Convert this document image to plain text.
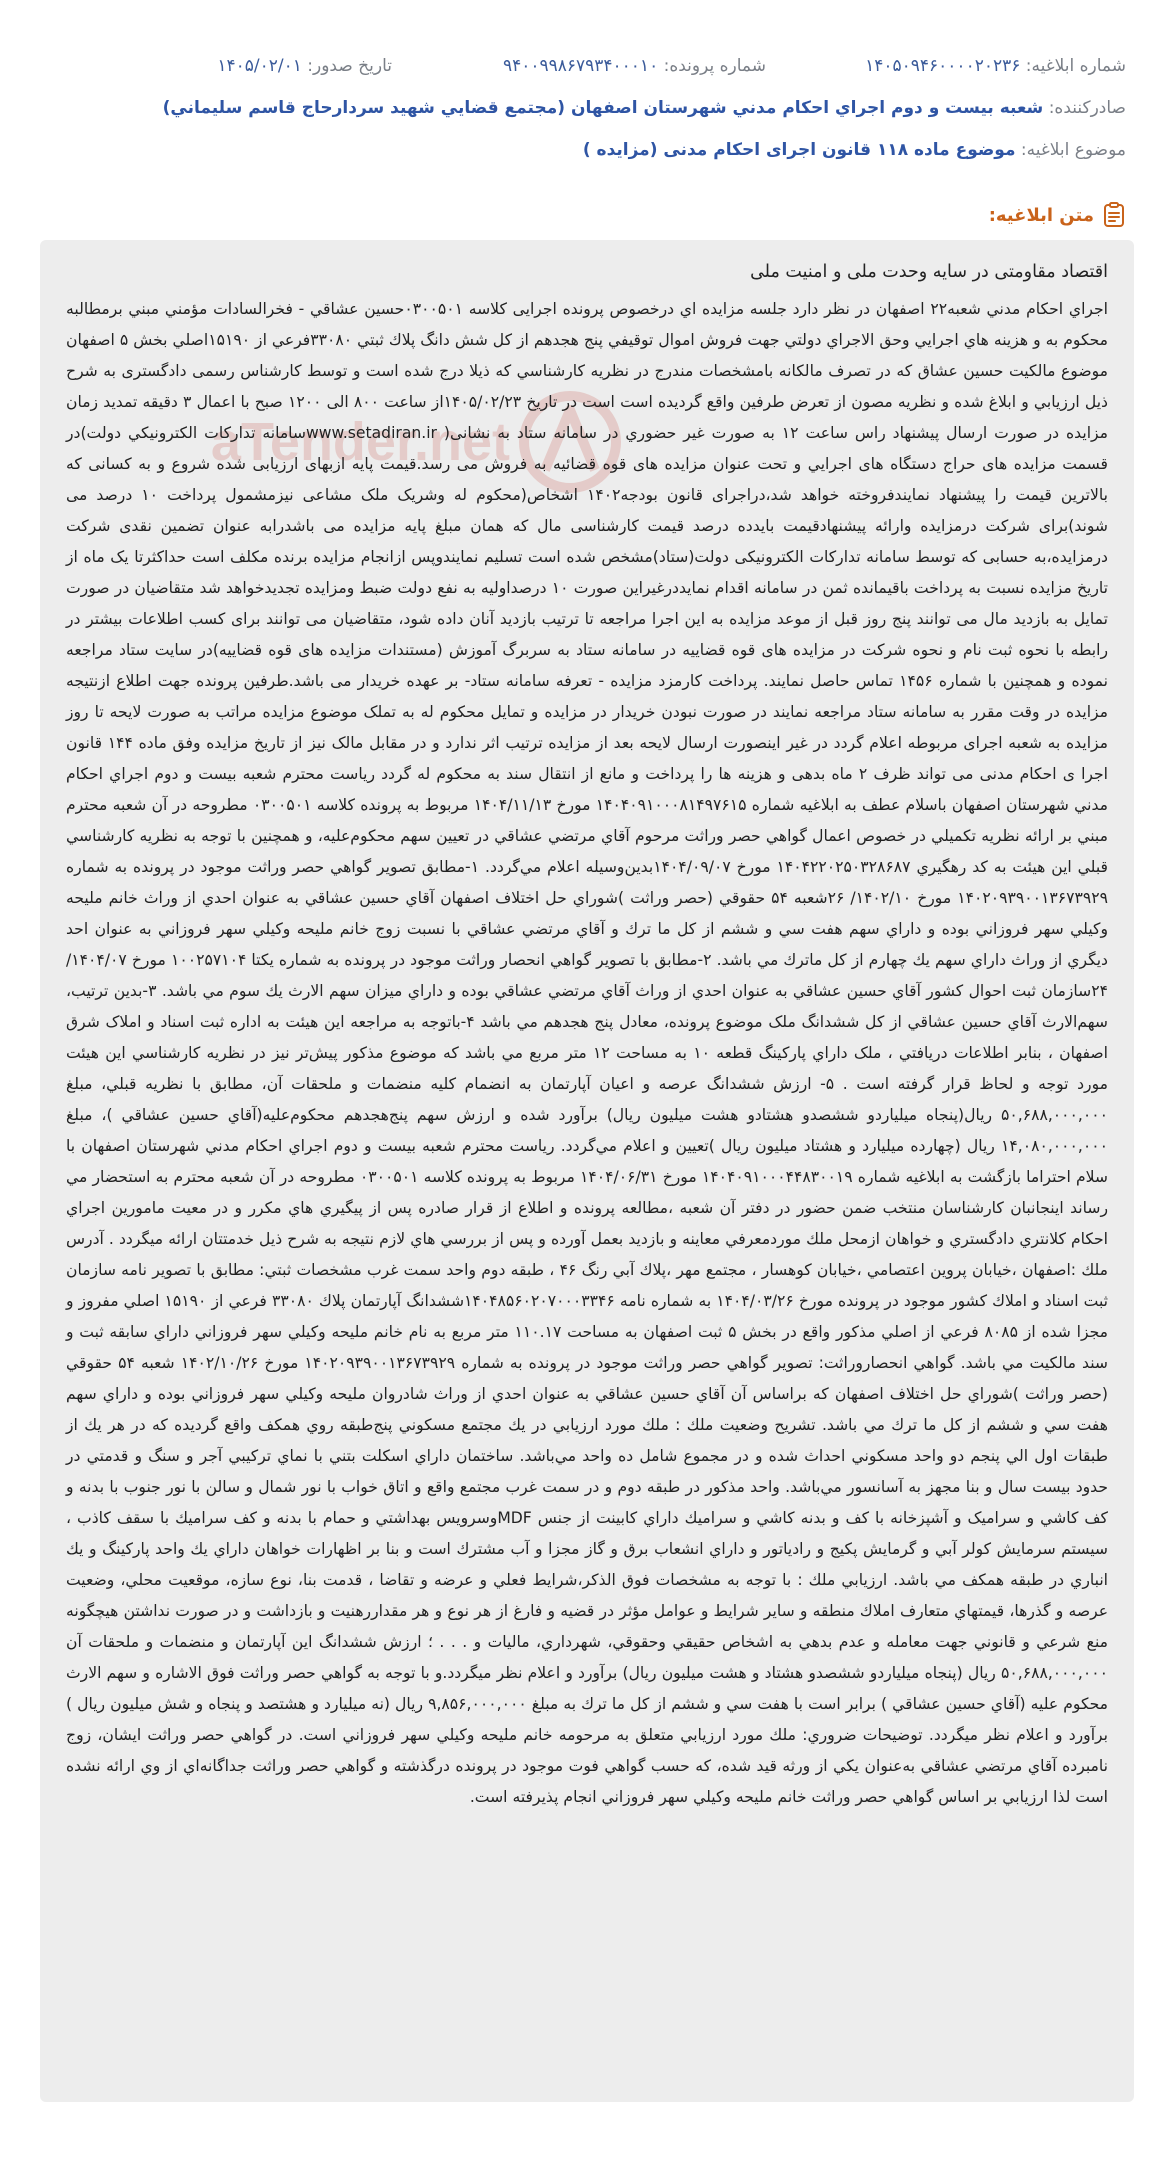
شماره ابلاغیه: ۱۴۰۵۰۹۴۶۰۰۰۰۲۰۲۳۶
شماره پرونده: ۹۴۰۰۹۹۸۶۷۹۳۴۰۰۰۱۰
تاریخ صدور: ۱۴۰۵/۰۲/۰۱
صادرکننده: شعبه بيست و دوم اجراي احكام مدني شهرستان اصفهان (مجتمع قضايي شهيد سردارحاج قاسم سليماني)
موضوع ابلاغیه: موضوع ماده ۱۱۸ قانون اجرای احکام مدنی (مزایده )
متن ابلاغیه:
aTender.net

اقتصاد مقاومتی در سایه وحدت ملی و امنیت ملی

اجراي احكام مدني شعبه۲۲ اصفهان در نظر دارد جلسه مزايده اي درخصوص پرونده اجرایی کلاسه ۰۳۰۰۵۰۱حسين عشاقي - فخرالسادات مؤمني مبني برمطالبه محکوم به و هزينه هاي اجرايي وحق الاجراي دولتي جهت فروش اموال توقيفي پنج هجدهم از كل شش دانگ پلاك ثبتي ۳۳۰۸۰فرعي از ۱۵۱۹۰اصلي بخش ۵ اصفهان موضوع مالکيت حسين عشاق كه در تصرف مالكانه بامشخصات مندرج در نظريه كارشناسي كه ذيلا درج شده است و توسط کارشناس رسمی دادگستری به شرح ذيل ارزيابي و ابلاغ شده و نظريه مصون از تعرض طرفين واقع گرديده است است در تاريخ ۱۴۰۵/۰۲/۲۳از ساعت ۸۰۰ الی ۱۲۰۰ صبح با اعمال ۳ دقيقه تمديد زمان مزايده در صورت ارسال پيشنهاد راس ساعت ۱۲ به صورت غير حضوري در سامانه ستاد به نشانی( www.setadiran.irسامانه تداركات الكترونيكي دولت)در قسمت مزايده های حراج دستگاه های اجرايي و تحت عنوان مزايده های قوه قضائيه به فروش می رسد.قيمت پايه ازبهای ارزيابی شده شروع و به كسانی كه بالاترين قيمت را پيشنهاد نمايندفروخته خواهد شد،دراجرای قانون بودجه۱۴۰۲ اشخاص(محكوم له وشريک ملک مشاعی نيزمشمول پرداخت ۱۰ درصد می شوند)برای شرکت درمزايده وارائه پيشنهادقيمت بايدده درصد قيمت كارشناسی مال که همان مبلغ پايه مزايده می باشدرابه عنوان تضمين نقدی شركت درمزايده،به حسابی كه توسط سامانه تداركات الكترونيكی دولت(ستاد)مشخص شده است تسليم نمايندوپس ازانجام مزايده برنده مكلف است حداكثرتا يک ماه از تاريخ مزايده نسبت به پرداخت باقيمانده ثمن در سامانه اقدام نمايددرغيراين صورت ۱۰ درصداوليه به نفع دولت ضبط ومزايده تجديدخواهد شد متقاضيان در صورت تمايل به بازديد مال می توانند پنج روز قبل از موعد مزايده به اين اجرا مراجعه تا ترتيب بازديد آنان داده شود، متقاضيان می توانند برای کسب اطلاعات بيشتر در رابطه با نحوه ثبت نام و نحوه شركت در مزايده های قوه قضاييه در سامانه ستاد به سربرگ آموزش (مستندات مزايده های قوه قضاييه)در سايت ستاد مراجعه نموده و همچنين با شماره ۱۴۵۶ تماس حاصل نمايند. پرداخت کارمزد مزايده - تعرفه سامانه ستاد- بر عهده خريدار می باشد.طرفين پرونده جهت اطلاع ازنتيجه مزايده در وقت مقرر به سامانه ستاد مراجعه نمايند در صورت نبودن خريدار در مزايده و تمايل محکوم له به تملک موضوع مزايده مراتب به صورت لايحه تا روز مزايده به شعبه اجرای مربوطه اعلام گردد در غير اينصورت ارسال لايحه بعد از مزايده ترتيب اثر ندارد و در مقابل مالک نيز از تاريخ مزايده وفق ماده ۱۴۴ قانون اجرا ی احکام مدنی می تواند ظرف ۲ ماه بدهی و هزينه ها را پرداخت و مانع از انتقال سند به محکوم له گردد رياست محترم شعبه بيست و دوم اجراي احكام مدني شهرستان اصفهان باسلام عطف به ابلاغيه شماره ۱۴۰۴۰۹۱۰۰۰۸۱۴۹۷۶۱۵ مورخ ۱۴۰۴/۱۱/۱۳ مربوط به پرونده كلاسه ۰۳۰۰۵۰۱ مطروحه در آن شعبه محترم مبني بر ارائه نظريه تكميلي در خصوص اعمال گواهي حصر وراثت مرحوم آقاي مرتضي عشاقي در تعيين سهم محكوم‌عليه، و همچنين با توجه به نظريه كارشناسي قبلي اين هيئت به كد رهگيري ۱۴۰۴۲۲۰۲۵۰۳۲۸۶۸۷ مورخ ۱۴۰۴/۰۹/۰۷بدين‌وسيله اعلام مي‌گردد. ۱-مطابق تصوير گواهي حصر وراثت موجود در پرونده به شماره ۱۴۰۲۰۹۳۹۰۰۱۳۶۷۳۹۲۹ مورخ ۱۴۰۲/۱۰/ ۲۶شعبه ۵۴ حقوقي (حصر وراثت )شوراي حل اختلاف اصفهان آقاي حسين عشاقي به عنوان احدي از وراث خانم مليحه وكيلي سهر فروزاني بوده و داراي سهم هفت سي و ششم از كل ما ترك و آقاي مرتضي عشاقي با نسبت زوج خانم مليحه وكيلي سهر فروزاني به عنوان احد ديگري از وراث داراي سهم يك چهارم از كل ماترك مي باشد. ۲-مطابق با تصوير گواهي انحصار وراثت موجود در پرونده به شماره يكتا ۱۰۰۲۵۷۱۰۴ مورخ ۱۴۰۴/۰۷/ ۲۴سازمان ثبت احوال كشور آقاي حسين عشاقي به عنوان احدي از وراث آقاي مرتضي عشاقي بوده و داراي ميزان سهم الارث يك سوم مي باشد. ۳-بدين ترتيب، سهم‌الارث آقاي حسين عشاقي از كل ششدانگ ملک موضوع پرونده، معادل پنج هجدهم مي باشد ۴-باتوجه به مراجعه اين هيئت به اداره ثبت اسناد و املاک شرق اصفهان ، بنابر اطلاعات دريافتي ، ملک داراي پاركينگ قطعه ۱۰ به مساحت ۱۲ متر مربع مي باشد كه موضوع مذكور پيش‌تر نيز در نظريه كارشناسي اين هيئت مورد توجه و لحاظ قرار گرفته است . ۵- ارزش ششدانگ عرصه و اعيان آپارتمان به انضمام كليه منضمات و ملحقات آن، مطابق با نظريه قبلي، مبلغ ۵۰,۶۸۸,۰۰۰,۰۰۰ ريال(پنجاه ميلياردو ششصدو هشتادو هشت ميليون ريال) برآورد شده و ارزش سهم پنج‌هجدهم محكوم‌عليه(آقاي حسين عشاقي )، مبلغ ۱۴,۰۸۰,۰۰۰,۰۰۰ ريال (چهارده ميليارد و هشتاد ميليون ريال )تعيين و اعلام مي‌گردد. رياست محترم شعبه بيست و دوم اجراي احكام مدني شهرستان اصفهان با سلام احتراما بازگشت به ابلاغيه شماره ۱۴۰۴۰۹۱۰۰۰۴۴۸۳۰۰۱۹ مورخ ۱۴۰۴/۰۶/۳۱ مربوط به پرونده كلاسه ۰۳۰۰۵۰۱ مطروحه در آن شعبه محترم به استحضار مي رساند اينجانبان كارشناسان منتخب ضمن حضور در دفتر آن شعبه ،مطالعه پرونده و اطلاع از قرار صادره پس از پيگيري هاي مكرر و در معيت مامورين اجراي احكام كلانتري دادگستري و خواهان ازمحل ملك موردمعرفي معاينه و بازديد بعمل آورده و پس از بررسي هاي لازم نتيجه به شرح ذيل خدمتتان ارائه ميگردد . آدرس ملك :اصفهان ،خيابان پروين اعتصامي ،خيابان كوهسار ، مجتمع مهر ،پلاك آبي رنگ ۴۶ ، طبقه دوم واحد سمت غرب مشخصات ثبتي: مطابق با تصوير نامه سازمان ثبت اسناد و املاك كشور موجود در پرونده مورخ ۱۴۰۴/۰۳/۲۶ به شماره نامه ۱۴۰۴۸۵۶۰۲۰۷۰۰۰۳۳۴۶ششدانگ آپارتمان پلاك ۳۳۰۸۰ فرعي از ۱۵۱۹۰ اصلي مفروز و مجزا شده از ۸۰۸۵ فرعي از اصلي مذكور واقع در بخش ۵ ثبت اصفهان به مساحت ۱۱۰.۱۷ متر مربع به نام خانم مليحه وكيلي سهر فروزاني داراي سابقه ثبت و سند مالكيت مي باشد. گواهي انحصاروراثت: تصوير گواهي حصر وراثت موجود در پرونده به شماره ۱۴۰۲۰۹۳۹۰۰۱۳۶۷۳۹۲۹ مورخ ۱۴۰۲/۱۰/۲۶ شعبه ۵۴ حقوقي (حصر وراثت )شوراي حل اختلاف اصفهان كه براساس آن آقاي حسين عشاقي به عنوان احدي از وراث شادروان مليحه وكيلي سهر فروزاني بوده و داراي سهم هفت سي و ششم از كل ما ترك مي باشد. تشريح وضعيت ملك : ملك مورد ارزيابي در يك مجتمع مسكوني پنج‌طبقه روي همكف واقع گرديده كه در هر يك از طبقات اول الي پنجم دو واحد مسكوني احداث شده و در مجموع شامل ده واحد مي‌باشد. ساختمان داراي اسكلت بتني با نماي تركيبي آجر و سنگ و قدمتي در حدود بيست سال و بنا مجهز به آسانسور مي‌باشد. واحد مذكور در طبقه دوم و در سمت غرب مجتمع واقع و اتاق خواب با نور شمال و سالن با نور جنوب با بدنه و كف كاشي و سرامیک و آشپزخانه با كف و بدنه كاشي و سراميك داراي كابينت از جنس MDFوسرويس بهداشتي و حمام با بدنه و كف سراميك با سقف كاذب ، سيستم سرمايش كولر آبي و گرمايش پكيج و رادياتور و داراي انشعاب برق و گاز مجزا و آب مشترك است و بنا بر اظهارات خواهان داراي يك واحد پاركينگ و يك انباري در طبقه همكف مي باشد. ارزيابي ملك : با توجه به مشخصات فوق الذكر،شرايط فعلي و عرضه و تقاضا ، قدمت بنا، نوع سازه، موقعيت محلي، وضعيت عرصه و گذرها، قيمتهاي متعارف املاك منطقه و ساير شرايط و عوامل مؤثر در قضيه و فارغ از هر نوع و هر مقداررهنيت و بازداشت و در صورت نداشتن هيچگونه منع شرعي و قانوني جهت معامله و عدم بدهي به اشخاص حقيقي وحقوقي، شهرداري، ماليات و . . . ؛ ارزش ششدانگ اين آپارتمان و منضمات و ملحقات آن ۵۰,۶۸۸,۰۰۰,۰۰۰ ريال (پنجاه ميلياردو ششصدو هشتاد و هشت ميليون ريال) برآورد و اعلام نظر ميگردد.و با توجه به گواهي حصر وراثت فوق الاشاره و سهم الارث محكوم عليه (آقاي حسين عشاقي ) برابر است با هفت سي و ششم از كل ما ترك به مبلغ ۹,۸۵۶,۰۰۰,۰۰۰ ريال (نه ميليارد و هشتصد و پنجاه و شش ميليون ريال ) برآورد و اعلام نظر ميگردد. توضيحات ضروري: ملك مورد ارزيابي متعلق به مرحومه خانم مليحه وكيلي سهر فروزاني است. در گواهي حصر وراثت ايشان، زوج نامبرده آقاي مرتضي عشاقي به‌عنوان يكي از ورثه قيد شده، كه حسب گواهي فوت موجود در پرونده درگذشته و گواهي حصر وراثت جداگانه‌اي از وي ارائه نشده است لذا ارزيابي بر اساس گواهي حصر وراثت خانم مليحه وكيلي سهر فروزاني انجام پذيرفته است.
